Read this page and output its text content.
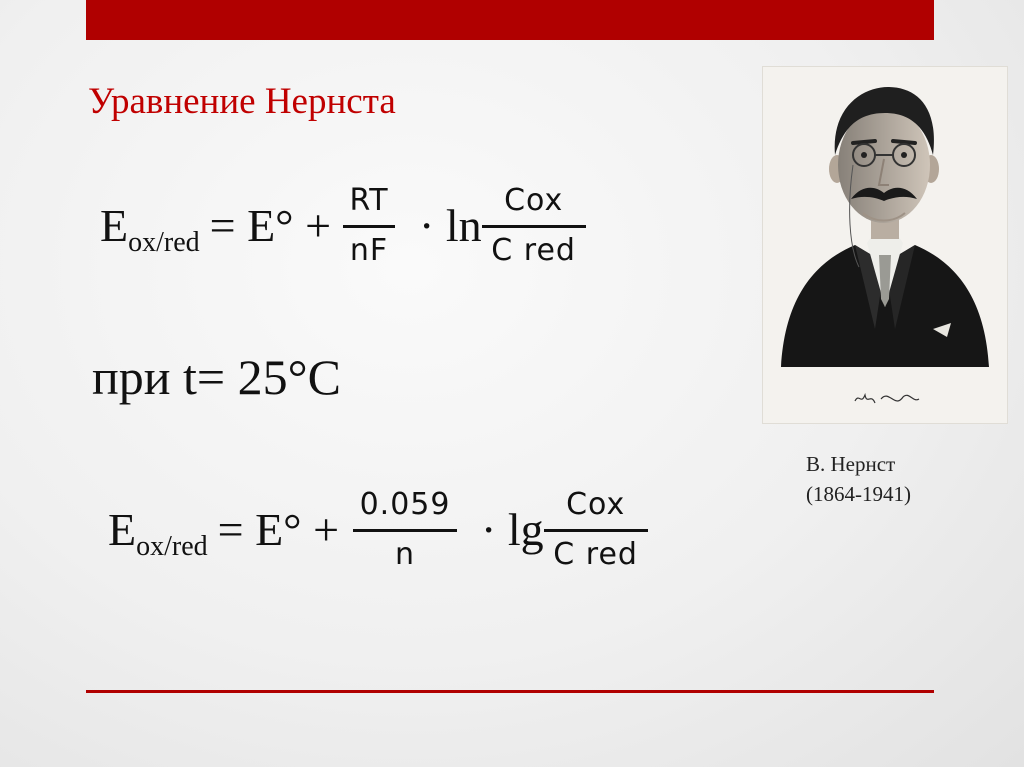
Уравнение Нернста
$E_{ox/red} = E^\circ + \frac{RT}{nF} \cdot \ln \frac{\text{Cox}}{\text{C red}}$
при t= 25°C
$E_{ox/red} = E^\circ + \frac{0.059}{n} \cdot \lg \frac{\text{Cox}}{\text{C red}}$
В. Нернст
(1864-1941)
